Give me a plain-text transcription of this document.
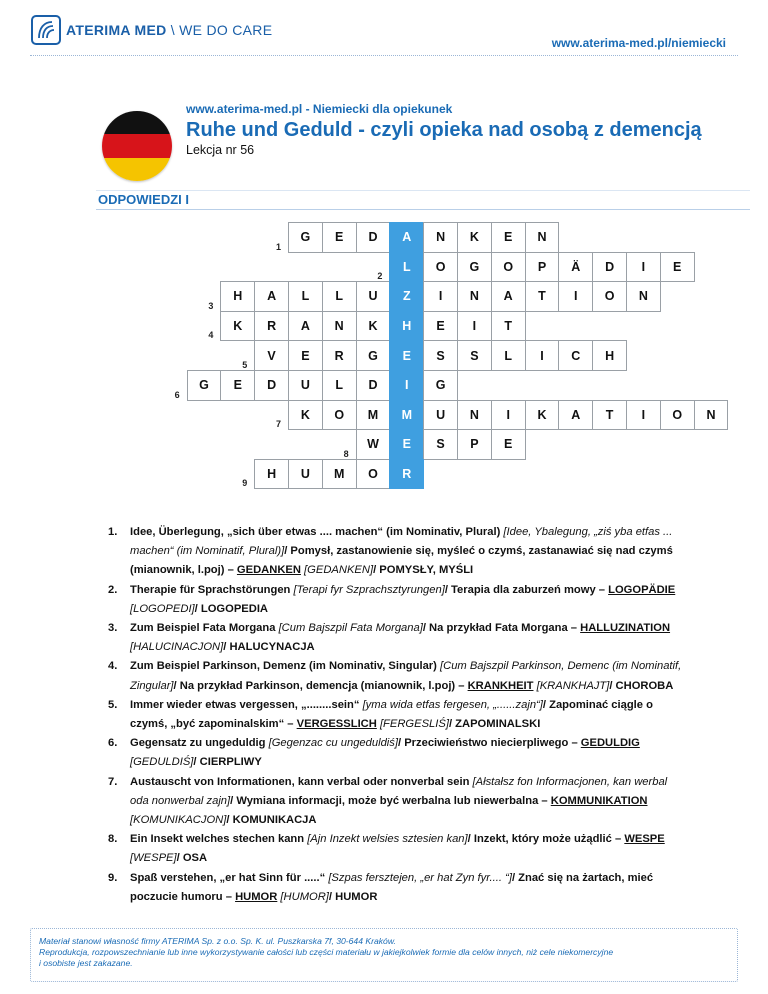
ATERIMA MED \ WE DO CARE
www.aterima-med.pl/niemiecki
www.aterima-med.pl - Niemiecki dla opiekunek
Ruhe und Geduld - czyli opieka nad osobą z demencją
Lekcja nr 56
ODPOWIEDZI I
G	E	D	A	N	K	E	N
1
L	O	G	O	P	Ä	D	I	E
2
H	A	L	L	U	Z	I	N	A	T	I	O	N
3
K	R	A	N	K	H	E	I	T
4
V	E	R	G	E	S	S	L	I	C	H
5
G	E	D	U	L	D	I	G
6
K	O	M	M	U	N	I	K	A	T	I	O	N
7
W	E	S	P	E
8
H	U	M	O	R
9
1. Idee, Überlegung, „sich über etwas .... machen“ (im Nominativ, Plural) [Idee, Ybalegung, „ziś yba etfas ... machen“ (im Nominatif, Plural)]/ Pomysł, zastanowienie się, myśleć o czymś, zastanawiać się nad czymś (mianownik, l.poj) – GEDANKEN [GEDANKEN]/ POMYSŁY, MYŚLI
2. Therapie für Sprachstörungen [Terapi fyr Szprachsztyrungen]/ Terapia dla zaburzeń mowy – LOGOPÄDIE [LOGOPEDI]/ LOGOPEDIA
3. Zum Beispiel Fata Morgana [Cum Bajszpil Fata Morgana]/ Na przykład Fata Morgana – HALLUZINATION [HALUCINACJON]/ HALUCYNACJA
4. Zum Beispiel Parkinson, Demenz (im Nominativ, Singular) [Cum Bajszpil Parkinson, Demenc (im Nominatif, Zingular]/ Na przykład Parkinson, demencja (mianownik, l.poj) – KRANKHEIT [KRANKHAJT]/ CHOROBA
5. Immer wieder etwas vergessen, „........sein“ [yma wida etfas fergesen, „......zajn“]/ Zapominać ciągle o czymś, „być zapominalskim“ – VERGESSLICH [FERGESLIŚ]/ ZAPOMINALSKI
6. Gegensatz zu ungeduldig [Gegenzac cu ungeduldiś]/ Przeciwieństwo niecierpliwego – GEDULDIG [GEDULDIŚ]/ CIERPLIWY
7. Austauscht von Informationen, kann verbal oder nonverbal sein [Ałstałsz fon Informacjonen, kan werbal oda nonwerbal zajn]/ Wymiana informacji, może być werbalna lub niewerbalna – KOMMUNIKATION [KOMUNIKACJON]/ KOMUNIKACJA
8. Ein Insekt welches stechen kann [Ajn Inzekt welsies sztesien kan]/ Inzekt, który może użądlić – WESPE [WESPE]/ OSA
9. Spaß verstehen, „er hat Sinn für .....“ [Szpas fersztejen, „er hat Zyn fyr.... “]/ Znać się na żartach, mieć poczucie humoru – HUMOR [HUMOR]/ HUMOR

Materiał stanowi własność firmy ATERIMA Sp. z o.o. Sp. K. ul. Puszkarska 7f, 30-644 Kraków.

Reprodukcja, rozpowszechnianie lub inne wykorzystywanie całości lub części materiału w jakiejkolwiek formie dla celów innych, niż cele niekomercyjne

i osobiste jest zakazane.
